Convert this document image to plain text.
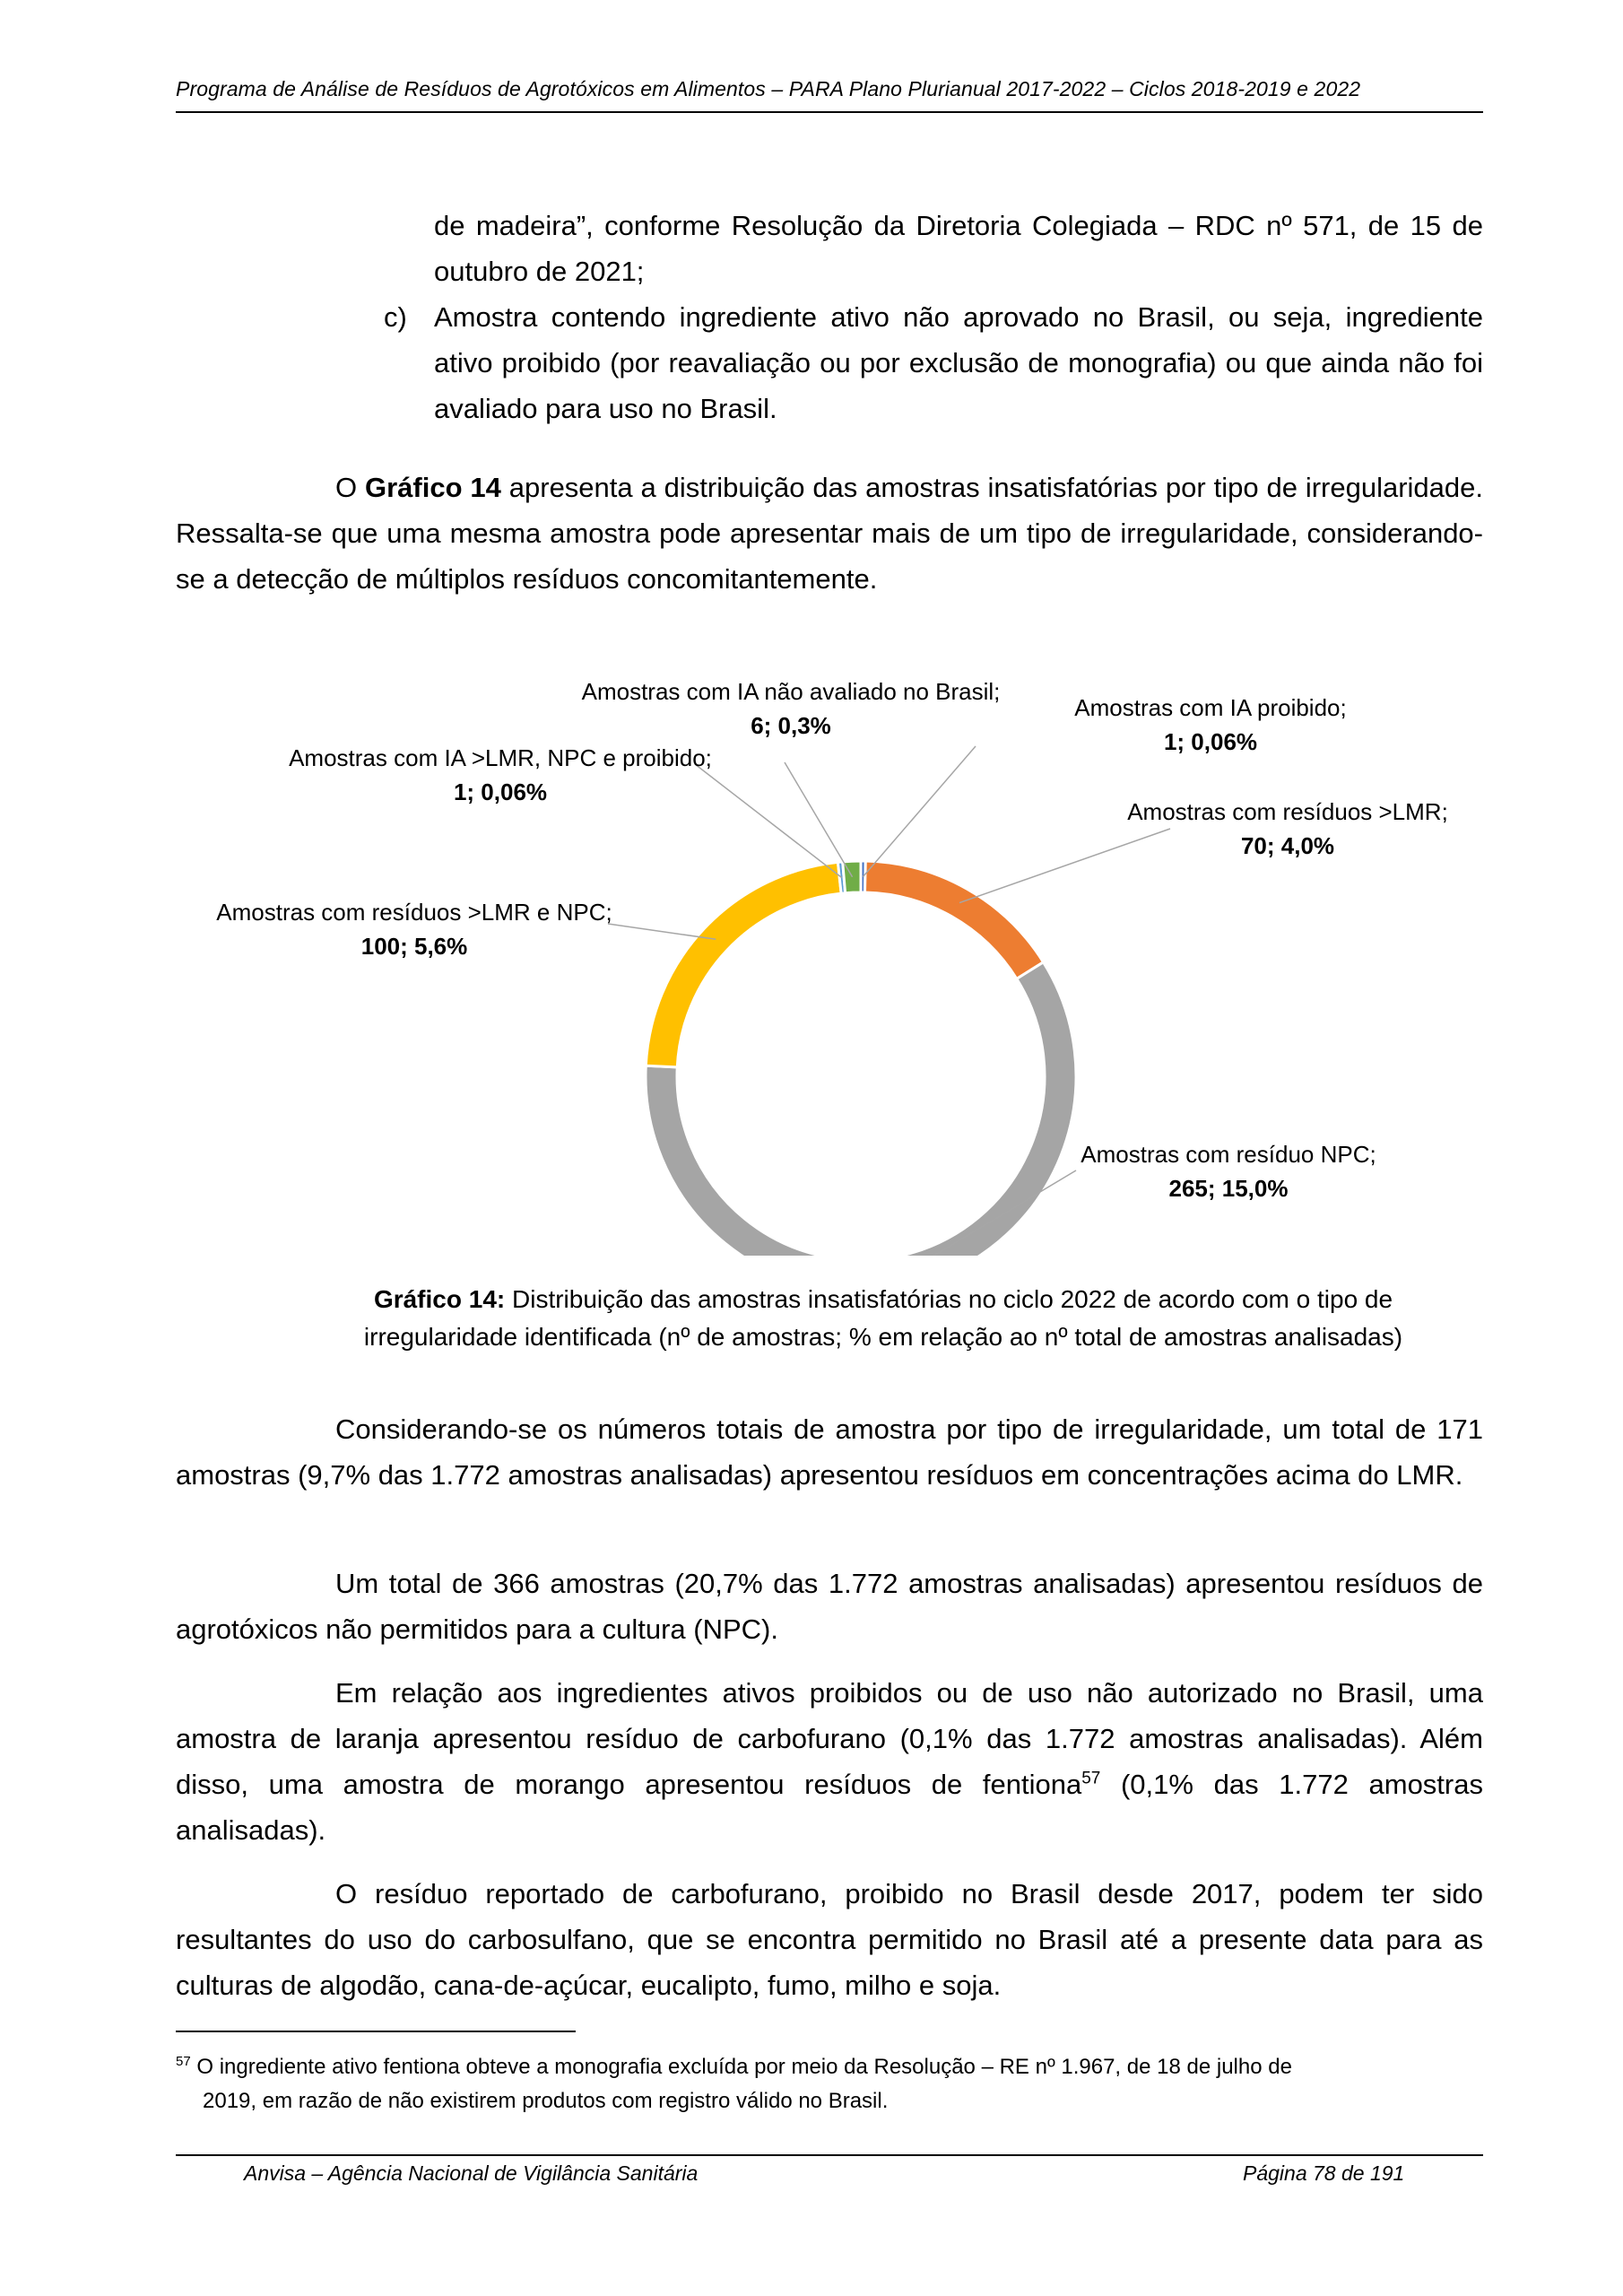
Programa de Análise de Resíduos de Agrotóxicos em Alimentos – PARA Plano Plurianual 2017-2022 – Ciclos 2018-2019 e 2022

de madeira”, conforme Resolução da Diretoria Colegiada – RDC nº 571, de 15 de outubro de 2021;

c) Amostra contendo ingrediente ativo não aprovado no Brasil, ou seja, ingrediente ativo proibido (por reavaliação ou por exclusão de monografia) ou que ainda não foi avaliado para uso no Brasil.

O Gráfico 14 apresenta a distribuição das amostras insatisfatórias por tipo de irregularidade. Ressalta-se que uma mesma amostra pode apresentar mais de um tipo de irregularidade, considerando-se a detecção de múltiplos resíduos concomitantemente.

Amostras com IA proibido;
1; 0,06%
Amostras com resíduos >LMR;
70; 4,0%
Amostras com resíduo NPC;
265; 15,0%
Amostras com resíduos >LMR e NPC;
100; 5,6%
Amostras com IA >LMR, NPC e proibido;
1; 0,06%
Amostras com IA não avaliado no Brasil;
6; 0,3%
Gráfico 14: Distribuição das amostras insatisfatórias no ciclo 2022 de acordo com o tipo de irregularidade identificada (nº de amostras; % em relação ao nº total de amostras analisadas)

Considerando-se os números totais de amostra por tipo de irregularidade, um total de 171 amostras (9,7% das 1.772 amostras analisadas) apresentou resíduos em concentrações acima do LMR.

Um total de 366 amostras (20,7% das 1.772 amostras analisadas) apresentou resíduos de agrotóxicos não permitidos para a cultura (NPC).

Em relação aos ingredientes ativos proibidos ou de uso não autorizado no Brasil, uma amostra de laranja apresentou resíduo de carbofurano (0,1% das 1.772 amostras analisadas). Além disso, uma amostra de morango apresentou resíduos de fentiona$^{57}$ (0,1% das 1.772 amostras analisadas).

O resíduo reportado de carbofurano, proibido no Brasil desde 2017, podem ter sido resultantes do uso do carbosulfano, que se encontra permitido no Brasil até a presente data para as culturas de algodão, cana-de-açúcar, eucalipto, fumo, milho e soja.

$^{57}$ O ingrediente ativo fentiona obteve a monografia excluída por meio da Resolução – RE nº 1.967, de 18 de julho de
2019, em razão de não existirem produtos com registro válido no Brasil.
Anvisa – Agência Nacional de Vigilância Sanitária	Página 78 de 191
